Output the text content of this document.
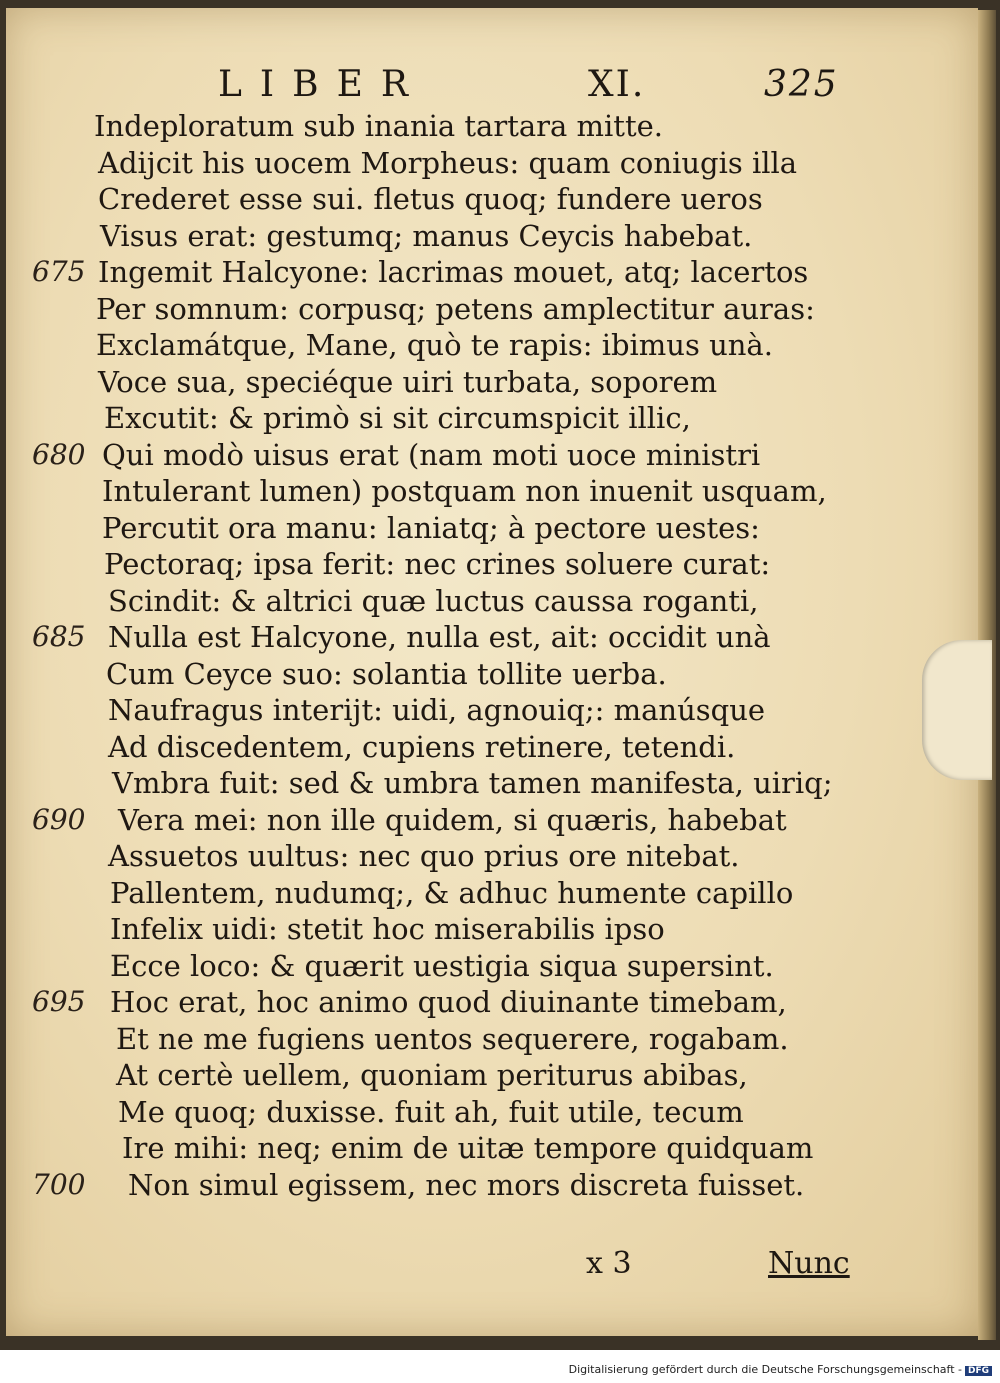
LIBER	XI.	325
Indeploratum sub inania tartara mitte.
Adijcit his uocem Morpheus: quam coniugis illa
Crederet esse sui. fletus quoq; fundere ueros
Visus erat: gestumq; manus Ceycis habebat.
675 Ingemit Halcyone: lacrimas mouet, atq; lacertos
Per somnum: corpusq; petens amplectitur auras:
Exclamátque, Mane, quò te rapis: ibimus unà.
Voce sua, speciéque uiri turbata, soporem
Excutit: & primò si sit circumspicit illic,
680 Qui modò uisus erat (nam moti uoce ministri
Intulerant lumen) postquam non inuenit usquam,
Percutit ora manu: laniatq; à pectore uestes:
Pectoraq; ipsa ferit: nec crines soluere curat:
Scindit: & altrici quæ luctus caussa roganti,
685 Nulla est Halcyone, nulla est, ait: occidit unà
Cum Ceyce suo: solantia tollite uerba.
Naufragus interijt: uidi, agnouiq;: manúsque
Ad discedentem, cupiens retinere, tetendi.
Vmbra fuit: sed & umbra tamen manifesta, uiriq;
690	Vera mei: non ille quidem, si quæris, habebat
Assuetos uultus: nec quo prius ore nitebat.
Pallentem, nudumq;, & adhuc humente capillo
Infelix uidi: stetit hoc miserabilis ipso
Ecce loco: & quærit uestigia siqua supersint.
695 Hoc erat, hoc animo quod diuinante timebam,
Et ne me fugiens uentos sequerere, rogabam.
At certè uellem, quoniam periturus abibas,
Me quoq; duxisse. fuit ah, fuit utile, tecum
Ire mihi: neq; enim de uitæ tempore quidquam
700	Non simul egissem, nec mors discreta fuisset.
x 3	Nunc
Digitalisierung gefördert durch die Deutsche Forschungsgemeinschaft - DFG
